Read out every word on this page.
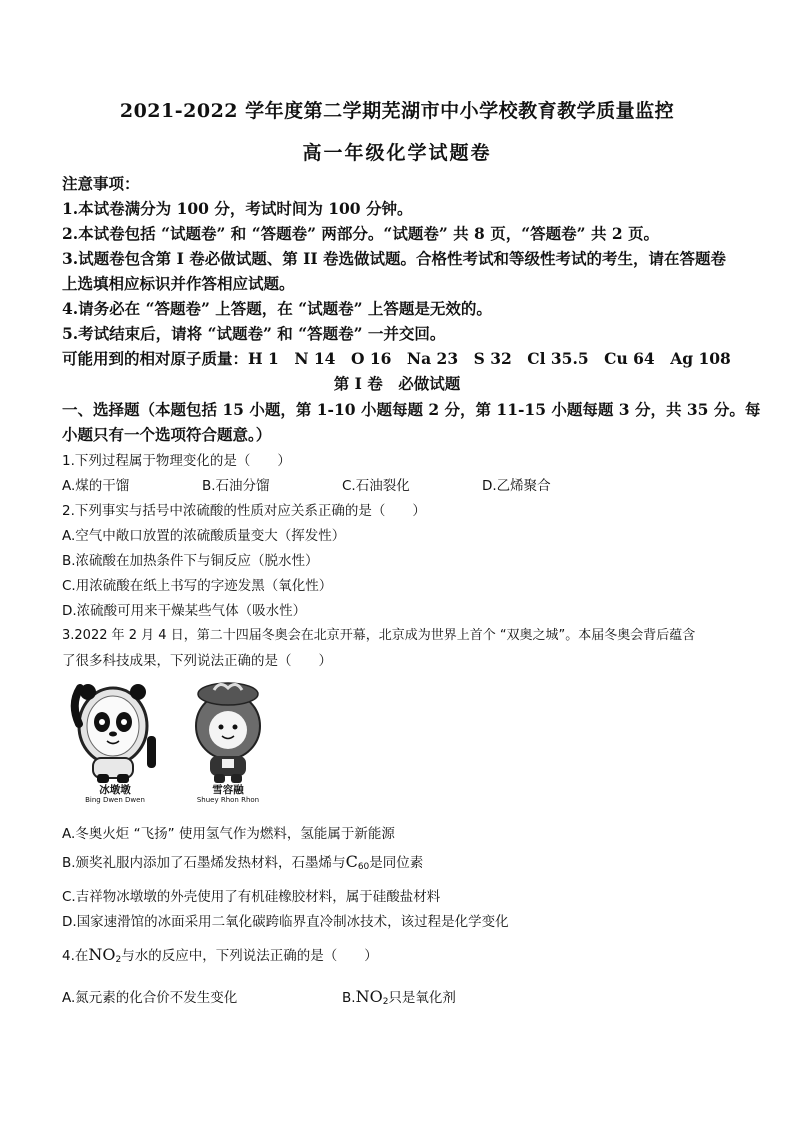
2021-2022 学年度第二学期芜湖市中小学校教育教学质量监控
高一年级化学试题卷
注意事项：
1.本试卷满分为 100 分，考试时间为 100 分钟。
2.本试卷包括 “试题卷” 和 “答题卷” 两部分。“试题卷” 共 8 页，“答题卷” 共 2 页。
3.试题卷包含第 I 卷必做试题、第 II 卷选做试题。合格性考试和等级性考试的考生，请在答题卷
上选填相应标识并作答相应试题。
4.请务必在 “答题卷” 上答题，在 “试题卷” 上答题是无效的。
5.考试结束后，请将 “试题卷” 和 “答题卷” 一并交回。
可能用到的相对原子质量：H 1　N 14　O 16　Na 23　S 32　Cl 35.5　Cu 64　Ag 108
第 I 卷　必做试题
一、选择题（本题包括 15 小题，第 1-10 小题每题 2 分，第 11-15 小题每题 3 分，共 35 分。每
小题只有一个选项符合题意。）
1.下列过程属于物理变化的是（　　）
A.煤的干馏	B.石油分馏	C.石油裂化	D.乙烯聚合
2.下列事实与括号中浓硫酸的性质对应关系正确的是（　　）
A.空气中敞口放置的浓硫酸质量变大（挥发性）
B.浓硫酸在加热条件下与铜反应（脱水性）
C.用浓硫酸在纸上书写的字迹发黑（氧化性）
D.浓硫酸可用来干燥某些气体（吸水性）
3.2022 年 2 月 4 日，第二十四届冬奥会在北京开幕，北京成为世界上首个 “双奥之城”。本届冬奥会背后蕴含
了很多科技成果，下列说法正确的是（　　）
冰墩墩
Bing Dwen Dwen
雪容融
Shuey Rhon Rhon
A.冬奥火炬 “飞扬” 使用氢气作为燃料，氢能属于新能源
B.颁奖礼服内添加了石墨烯发热材料，石墨烯与$C_{60}$是同位素
C.吉祥物冰墩墩的外壳使用了有机硅橡胶材料，属于硅酸盐材料
D.国家速滑馆的冰面采用二氧化碳跨临界直冷制冰技术，该过程是化学变化
4.在$NO_2$与水的反应中，下列说法正确的是（　　）
A.氮元素的化合价不发生变化	$B.NO_2$只是氧化剂
